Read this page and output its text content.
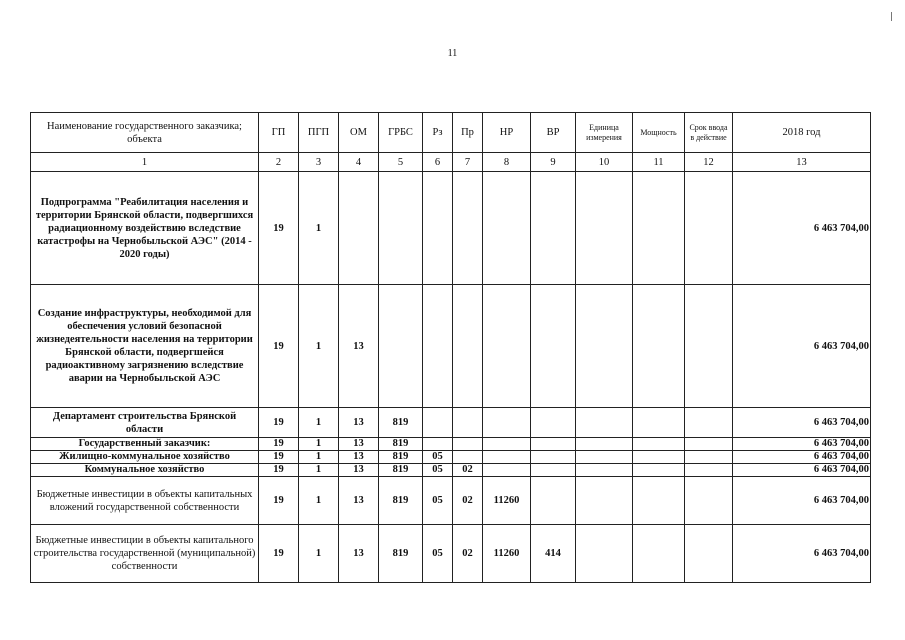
11
Наименование государственного заказчика; объекта	ГП	ПГП	ОМ	ГРБС	Рз	Пр	НР	ВР	Единица измерения	Мощность	Срок ввода в действие	2018 год
1	2	3	4	5	6	7	8	9	10	11	12	13
Подпрограмма "Реабилитация населения и территории Брянской области, подвергшихся радиационному воздействию вследствие катастрофы на Чернобыльской АЭС" (2014 - 2020 годы)	19	1										6 463 704,00
Создание инфраструктуры, необходимой для обеспечения условий безопасной жизнедеятельности населения на территории Брянской области, подвергшейся радиоактивному загрязнению вследствие аварии на Чернобыльской АЭС	19	1	13									6 463 704,00
Департамент строительства Брянской области	19	1	13	819								6 463 704,00
Государственный заказчик:	19	1	13	819								6 463 704,00
Жилищно-коммунальное хозяйство	19	1	13	819	05							6 463 704,00
Коммунальное хозяйство	19	1	13	819	05	02						6 463 704,00
Бюджетные инвестиции в объекты капитальных вложений государственной собственности	19	1	13	819	05	02	11260					6 463 704,00
Бюджетные инвестиции в объекты капитального строительства государственной (муниципальной) собственности	19	1	13	819	05	02	11260	414				6 463 704,00
